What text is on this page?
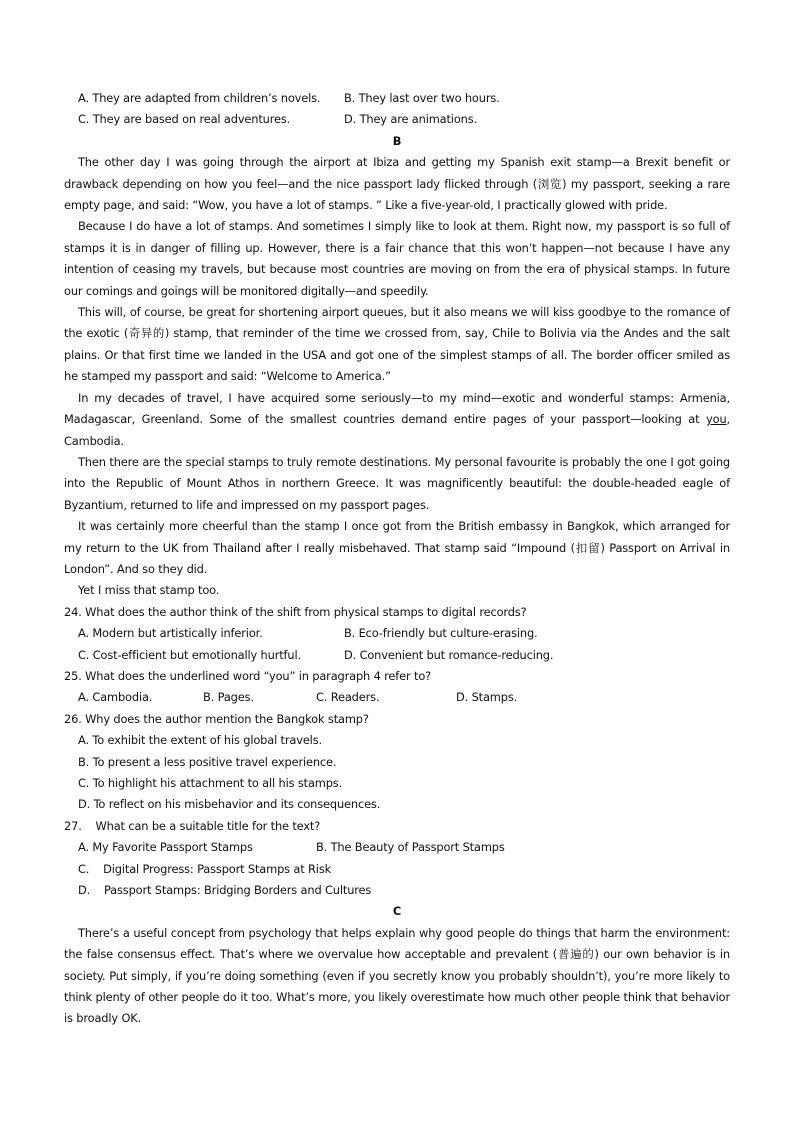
A. They are adapted from children’s novels.	B. They last over two hours.
C. They are based on real adventures.	D. They are animations.
B
The other day I was going through the airport at Ibiza and getting my Spanish exit stamp—a Brexit benefit or drawback depending on how you feel—and the nice passport lady flicked through (浏览) my passport, seeking a rare empty page, and said: “Wow, you have a lot of stamps. ” Like a five-year-old, I practically glowed with pride.
Because I do have a lot of stamps. And sometimes I simply like to look at them. Right now, my passport is so full of stamps it is in danger of filling up. However, there is a fair chance that this won’t happen—not because I have any intention of ceasing my travels, but because most countries are moving on from the era of physical stamps. In future our comings and goings will be monitored digitally—and speedily.
This will, of course, be great for shortening airport queues, but it also means we will kiss goodbye to the romance of the exotic (奇异的) stamp, that reminder of the time we crossed from, say, Chile to Bolivia via the Andes and the salt plains. Or that first time we landed in the USA and got one of the simplest stamps of all. The border officer smiled as he stamped my passport and said: “Welcome to America.”
In my decades of travel, I have acquired some seriously—to my mind—exotic and wonderful stamps: Armenia, Madagascar, Greenland. Some of the smallest countries demand entire pages of your passport—looking at you, Cambodia.
Then there are the special stamps to truly remote destinations. My personal favourite is probably the one I got going into the Republic of Mount Athos in northern Greece. It was magnificently beautiful: the double-headed eagle of Byzantium, returned to life and impressed on my passport pages.
It was certainly more cheerful than the stamp I once got from the British embassy in Bangkok, which arranged for my return to the UK from Thailand after I really misbehaved. That stamp said “Impound (扣留) Passport on Arrival in London”. And so they did.
Yet I miss that stamp too.
24. What does the author think of the shift from physical stamps to digital records?
A. Modern but artistically inferior.	B. Eco-friendly but culture-erasing.
C. Cost-efficient but emotionally hurtful.	D. Convenient but romance-reducing.
25. What does the underlined word “you” in paragraph 4 refer to?
A. Cambodia.	B. Pages.	C. Readers.	D. Stamps.
26. Why does the author mention the Bangkok stamp?
A. To exhibit the extent of his global travels.
B. To present a less positive travel experience.
C. To highlight his attachment to all his stamps.
D. To reflect on his misbehavior and its consequences.
27.    What can be a suitable title for the text?
A. My Favorite Passport Stamps	B. The Beauty of Passport Stamps
C.    Digital Progress: Passport Stamps at Risk
D.    Passport Stamps: Bridging Borders and Cultures
C
There’s a useful concept from psychology that helps explain why good people do things that harm the environment: the false consensus effect. That’s where we overvalue how acceptable and prevalent (普遍的) our own behavior is in society. Put simply, if you’re doing something (even if you secretly know you probably shouldn’t), you’re more likely to think plenty of other people do it too. What’s more, you likely overestimate how much other people think that behavior is broadly OK.
